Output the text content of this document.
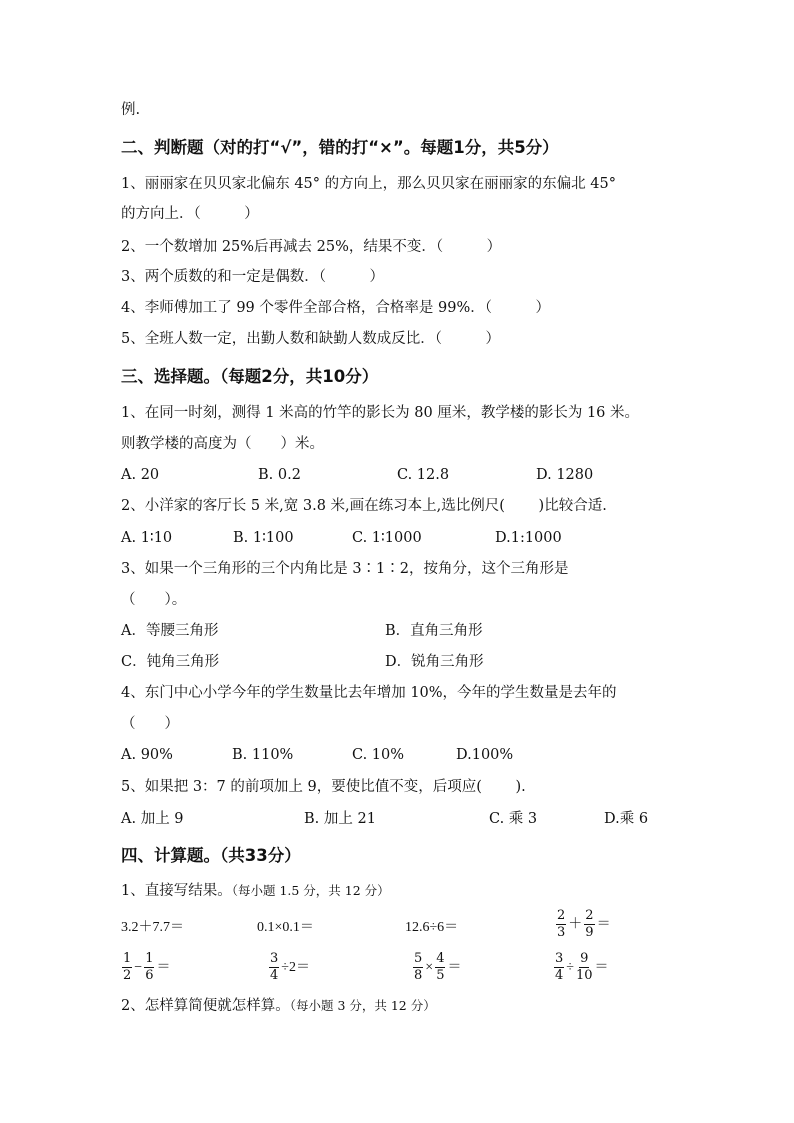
例.
二、判断题（对的打“√”，错的打“×”。每题1分，共5分）
1、丽丽家在贝贝家北偏东 45° 的方向上，那么贝贝家在丽丽家的东偏北 45°
的方向上．（　　　）
2、一个数增加 25%后再减去 25%，结果不变．（　　　）
3、两个质数的和一定是偶数．（　　　）
4、李师傅加工了 99 个零件全部合格，合格率是 99%．（　　　）
5、全班人数一定，出勤人数和缺勤人数成反比．（　　　）
三、选择题。（每题2分，共10分）
1、在同一时刻，测得 1 米高的竹竿的影长为 80 厘米，教学楼的影长为 16 米。
则教学楼的高度为（　　）米。
A. 20	B. 0.2	C. 12.8	D. 1280
2、小洋家的客厅长 5 米,宽 3.8 米,画在练习本上,选比例尺(　　 )比较合适.
A. 1∶10	B. 1∶100	C. 1∶1000	D.1:1000
3、如果一个三角形的三个内角比是 3∶1∶2，按角分，这个三角形是
（　　）。
A．等腰三角形	B．直角三角形
C．钝角三角形	D．锐角三角形
4、东门中心小学今年的学生数量比去年增加 10%，今年的学生数量是去年的
（　　）
A. 90%	B. 110%	C. 10%	D.100%
5、如果把 3：7 的前项加上 9，要使比值不变，后项应(　　 ).
A. 加上 9	B. 加上 21	C. 乘 3	D.乘 6
四、计算题。（共33分）
1、直接写结果。（每小题 1.5 分，共 12 分）
3.2＋7.7＝	0.1×0.1＝	12.6÷6＝	$\frac{2}{3} + \frac{2}{9}$ ＝
$\frac{1}{2} - \frac{1}{6}$ ＝	$\frac{3}{4} \div 2=$	$\frac{5}{8} \times \frac{4}{5}$ ＝	$\frac{3}{4} \div \frac{9}{10}$ ＝
2、怎样算简便就怎样算。（每小题 3 分，共 12 分）
